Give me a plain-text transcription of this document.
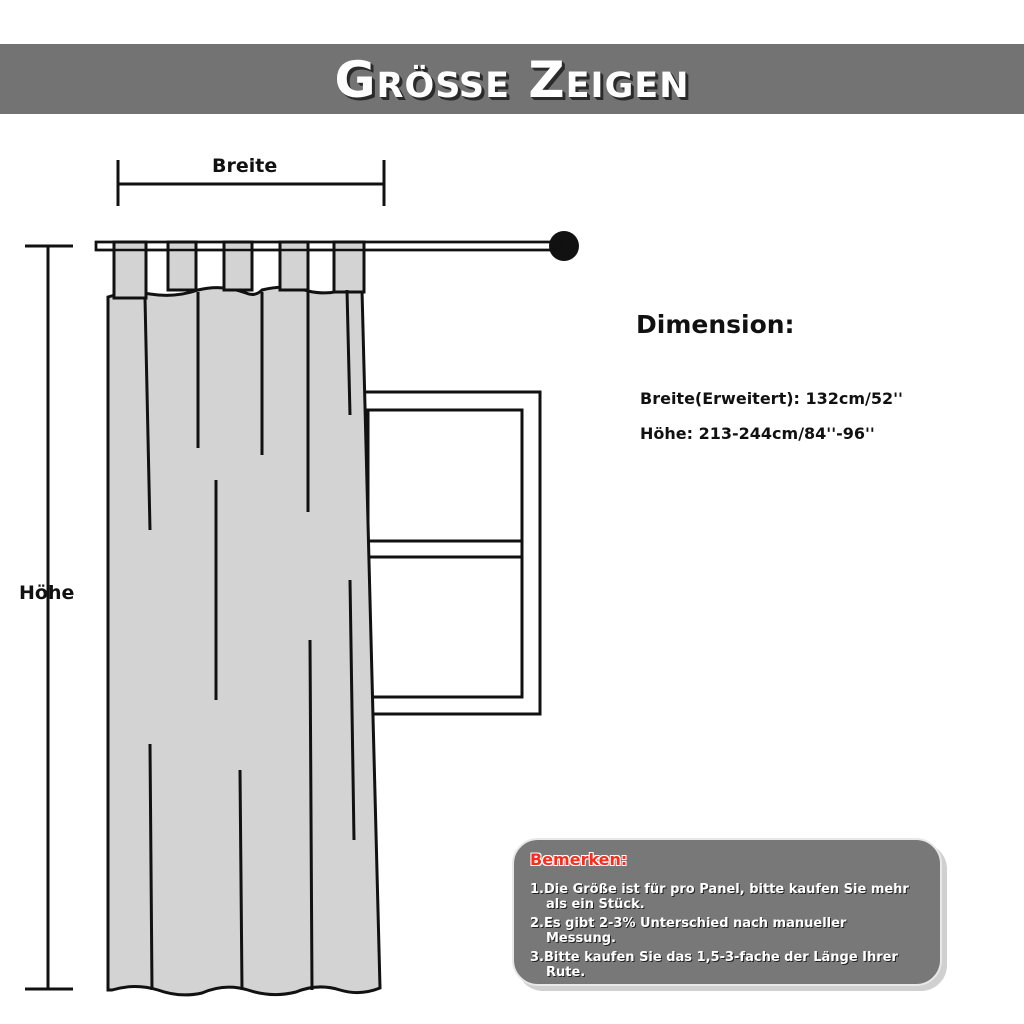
Größe Zeigen
Breite
Höhe
Dimension:
Breite(Erweitert): 132cm/52''
Höhe: 213-244cm/84''-96''
Bemerken:
1.Die Größe ist für pro Panel, bitte kaufen Sie mehr
als ein Stück.
2.Es gibt 2-3% Unterschied nach manueller
Messung.
3.Bitte kaufen Sie das 1,5-3-fache der Länge Ihrer
Rute.
